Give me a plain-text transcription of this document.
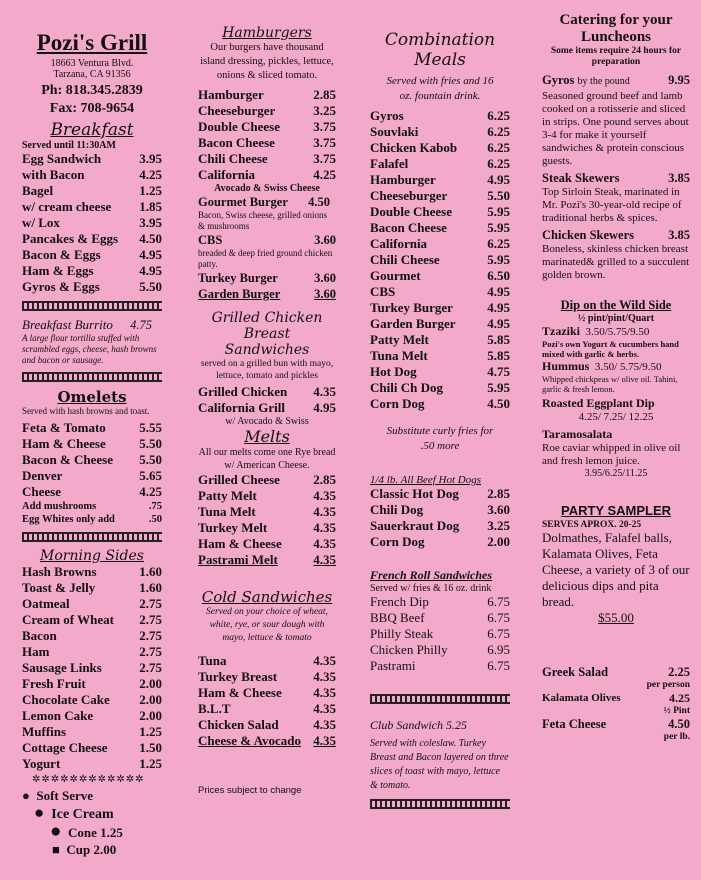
Pozi's Grill
18663 Ventura Blvd.
Tarzana, CA 91356
Ph: 818.345.2839
Fax: 708-9654
Breakfast
Served until 11:30AM
Egg Sandwich	3.95
with Bacon	4.25
Bagel	1.25
w/ cream cheese 1.85
w/ Lox	3.95
Pancakes & Eggs 4.50
Bacon & Eggs	4.95
Ham & Eggs	4.95
Gyros & Eggs	5.50
Breakfast Burrito 4.75
A large flour tortilla stuffed with scrambled eggs, cheese, hash browns and bacon or sausage.
Omelets
Served with hash browns and toast.
Feta & Tomato	5.55
Ham & Cheese	5.50
Bacon & Cheese 5.50
Denver	5.65
Cheese	4.25
Add mushrooms	.75
Egg Whites only add	.50
Morning Sides
Hash Browns	1.60
Toast & Jelly	1.60
Oatmeal	2.75
Cream of Wheat 2.75
Bacon	2.75
Ham	2.75
Sausage Links	2.75
Fresh Fruit	2.00
Chocolate Cake 2.00
Lemon Cake	2.00
Muffins	1.25
Cottage Cheese 1.50
Yogurt	1.25
✲✲✲✲✲✲✲✲✲✲✲✲
● Soft Serve
● Ice Cream
● Cone 1.25
■ Cup 2.00
Hamburgers
Our burgers have thousand island dressing, pickles, lettuce, onions & sliced tomato.
Hamburger	2.85
Cheeseburger	3.25
Double Cheese	3.75
Bacon Cheese	3.75
Chili Cheese	3.75
California	4.25
Avocado & Swiss Cheese
Gourmet Burger 4.50
Bacon, Swiss cheese, grilled onions & mushrooms
CBS	3.60
breaded & deep fried ground chicken patty.
Turkey Burger	3.60
Garden Burger	3.60
Grilled Chicken Breast
Sandwiches
served on a grilled bun with mayo, lettuce, tomato and pickles
Grilled Chicken 4.35
California Grill 4.95
w/ Avocado & Swiss
Melts
All our melts come one Rye bread w/ American Cheese.
Grilled Cheese	2.85
Patty Melt	4.35
Tuna Melt	4.35
Turkey Melt	4.35
Ham & Cheese 4.35
Pastrami Melt	4.35
Cold Sandwiches
Served on your choice of wheat, white, rye, or sour dough with mayo, lettuce & tomato
Tuna	4.35
Turkey Breast	4.35
Ham & Cheese 4.35
B.L.T	4.35
Chicken Salad	4.35
Cheese & Avocado 4.35
Prices subject to change
Combination
Meals
Served with fries and 16 oz. fountain drink.
Gyros	6.25
Souvlaki	6.25
Chicken Kabob 6.25
Falafel	6.25
Hamburger	4.95
Cheeseburger	5.50
Double Cheese	5.95
Bacon Cheese	5.95
California	6.25
Chili Cheese	5.95
Gourmet	6.50
CBS	4.95
Turkey Burger	4.95
Garden Burger 4.95
Patty Melt	5.85
Tuna Melt	5.85
Hot Dog	4.75
Chili Ch Dog	5.95
Corn Dog	4.50
Substitute curly fries for .50 more
1/4 lb. All Beef Hot Dogs
Classic Hot Dog 2.85
Chili Dog	3.60
Sauerkraut Dog 3.25
Corn Dog	2.00
French Roll Sandwiches
Served w/ fries & 16 oz. drink
French Dip	6.75
BBQ Beef	6.75
Philly Steak	6.75
Chicken Philly	6.95
Pastrami	6.75
Club Sandwich 5.25
Served with coleslaw. Turkey Breast and Bacon layered on three slices of toast with mayo, lettuce & tomato.
Catering for your
Luncheons
Some items require 24 hours for preparation
Gyros by the pound	9.95
Seasoned ground beef and lamb cooked on a rotisserie and sliced in strips. One pound serves about 3-4 for make it yourself sandwiches & protein conscious guests.
Steak Skewers	3.85
Top Sirloin Steak, marinated in Mr. Pozi's 30-year-old recipe of traditional herbs & spices.
Chicken Skewers	3.85
Boneless, skinless chicken breast marinated& grilled to a succulent golden brown.
Dip on the Wild Side
½ pint/pint/Quart
Tzaziki 3.50/5.75/9.50
Pozi's own Yogurt & cucumbers hand mixed with garlic & herbs.
Hummus 3.50/ 5.75/9.50
Whipped chickpeas w/ olive oil. Tahini, garlic & fresh lemon.
Roasted Eggplant Dip
4.25/ 7.25/ 12.25
Taramosalata
Roe caviar whipped in olive oil and fresh lemon juice.
3.95/6.25/11.25
PARTY SAMPLER
SERVES APROX. 20-25
Dolmathes, Falafel balls, Kalamata Olives, Feta Cheese, a variety of 3 of our delicious dips and pita bread.
$55.00
Greek Salad	2.25
per person
Kalamata Olives	4.25
½ Pint
Feta Cheese	4.50
per lb.
